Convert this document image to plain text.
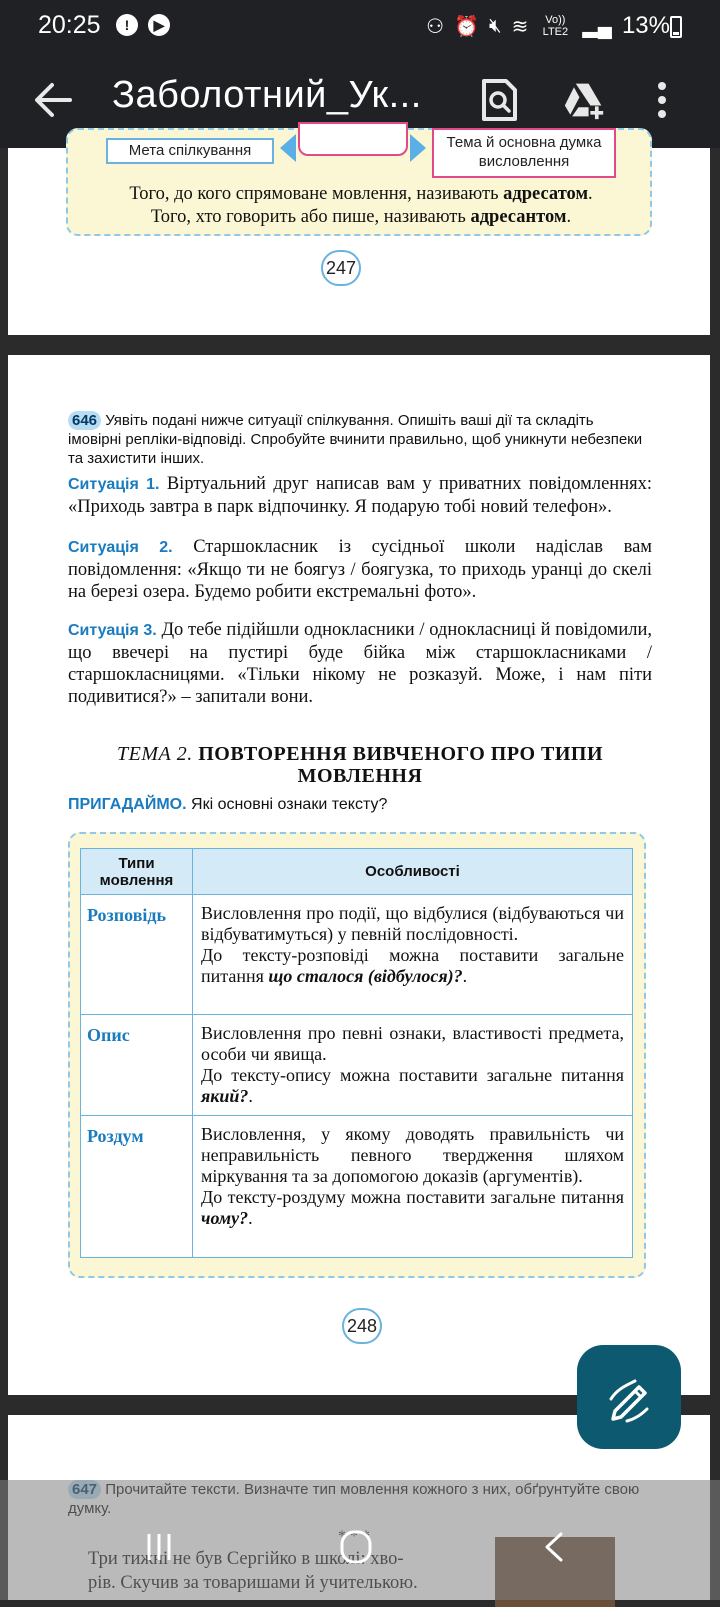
20:25	!	▶	⚇ ⏰ 🔇︎ ≋	Vo)) LTE2 ▂▄ 13%
Заболотний_Ук...
Мета спілкування	Тема й основна думка
висловлення
Того, до кого спрямоване мовлення, називають адресатом.
Того, хто говорить або пише, називають адресантом.
247
646 Уявіть подані нижче ситуації спілкування. Опишіть ваші дії та складіть імовірні репліки-відповіді. Спробуйте вчинити правильно, щоб уникнути небезпеки та захистити інших.
Ситуація 1. Віртуальний друг написав вам у приватних повідомленнях: «Приходь завтра в парк відпочинку. Я подарую тобі новий телефон».
Ситуація 2. Старшокласник із сусідньої школи надіслав вам повідомлення: «Якщо ти не боягуз / боягузка, то приходь уранці до скелі на березі озера. Будемо робити екстремальні фото».
Ситуація 3. До тебе підійшли однокласники / однокласниці й повідомили, що ввечері на пустирі буде бійка між старшокласниками / старшокласницями. «Тільки нікому не розказуй. Може, і нам піти подивитися?» – запитали вони.
ТЕМА 2. ПОВТОРЕННЯ ВИВЧЕНОГО ПРО ТИПИ
МОВЛЕННЯ
ПРИГАДАЙМО. Які основні ознаки тексту?
Типи
мовлення	Особливості
Розповідь	Висловлення про події, що відбулися (відбуваються чи відбуватимуться) у певній послідовності.
До тексту-розповіді можна поставити загальне питання що сталося (відбулося)?.

Опис	Висловлення про певні ознаки, властивості предмета, особи чи явища.
До тексту-опису можна поставити загальне питання який?.

Роздум	Висловлення, у якому доводять правильність чи неправильність певного твердження шляхом міркування та за допомогою доказів (аргументів).
До тексту-роздуму можна поставити загальне питання чому?.
248
